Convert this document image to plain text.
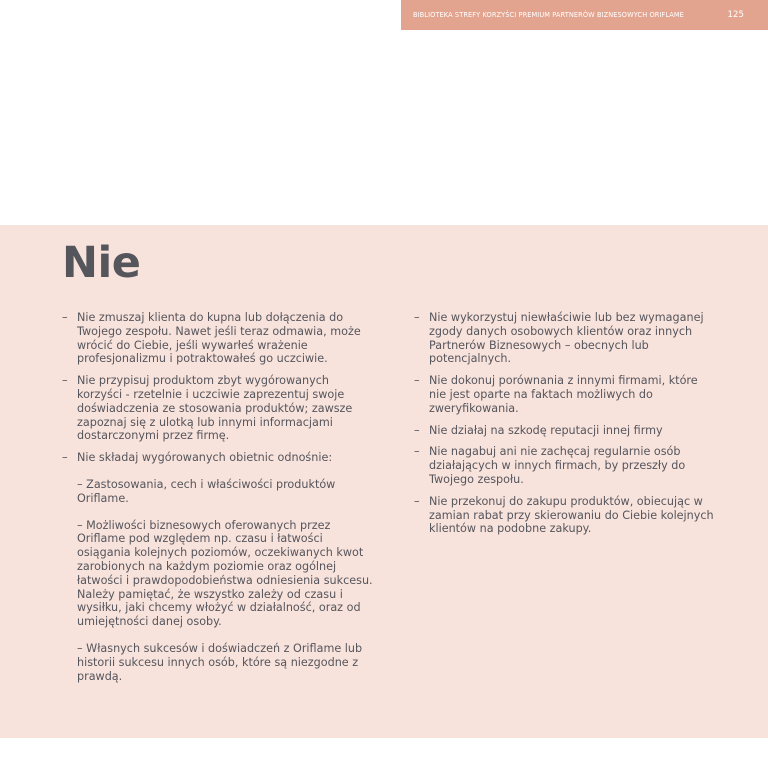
BIBLIOTEKA STREFY KORZYŚCI PREMIUM PARTNERÓW BIZNESOWYCH ORIFLAME	125
Nie
– Nie zmuszaj klienta do kupna lub dołączenia do Twojego zespołu. Nawet jeśli teraz odmawia, może wrócić do Ciebie, jeśli wywarłeś wrażenie profesjonalizmu i potraktowałeś go uczciwie.
– Nie przypisuj produktom zbyt wygórowanych korzyści - rzetelnie i uczciwie zaprezentuj swoje doświadczenia ze stosowania produktów; zawsze zapoznaj się z ulotką lub innymi informacjami dostarczonymi przez firmę.
– Nie składaj wygórowanych obietnic odnośnie:
– Zastosowania, cech i właściwości produktów Oriflame.
– Możliwości biznesowych oferowanych przez Oriflame pod względem np. czasu i łatwości osiągania kolejnych poziomów, oczekiwanych kwot zarobionych na każdym poziomie oraz ogólnej łatwości i prawdopodobieństwa odniesienia sukcesu. Należy pamiętać, że wszystko zależy od czasu i wysiłku, jaki chcemy włożyć w działalność, oraz od umiejętności danej osoby.
– Własnych sukcesów i doświadczeń z Oriflame lub historii sukcesu innych osób, które są niezgodne z prawdą.
– Nie wykorzystuj niewłaściwie lub bez wymaganej zgody danych osobowych klientów oraz innych Partnerów Biznesowych – obecnych lub potencjalnych.
– Nie dokonuj porównania z innymi firmami, które nie jest oparte na faktach możliwych do zweryfikowania.
– Nie działaj na szkodę reputacji innej firmy
– Nie nagabuj ani nie zachęcaj regularnie osób działających w innych firmach, by przeszły do Twojego zespołu.
– Nie przekonuj do zakupu produktów, obiecując w zamian rabat przy skierowaniu do Ciebie kolejnych klientów na podobne zakupy.
